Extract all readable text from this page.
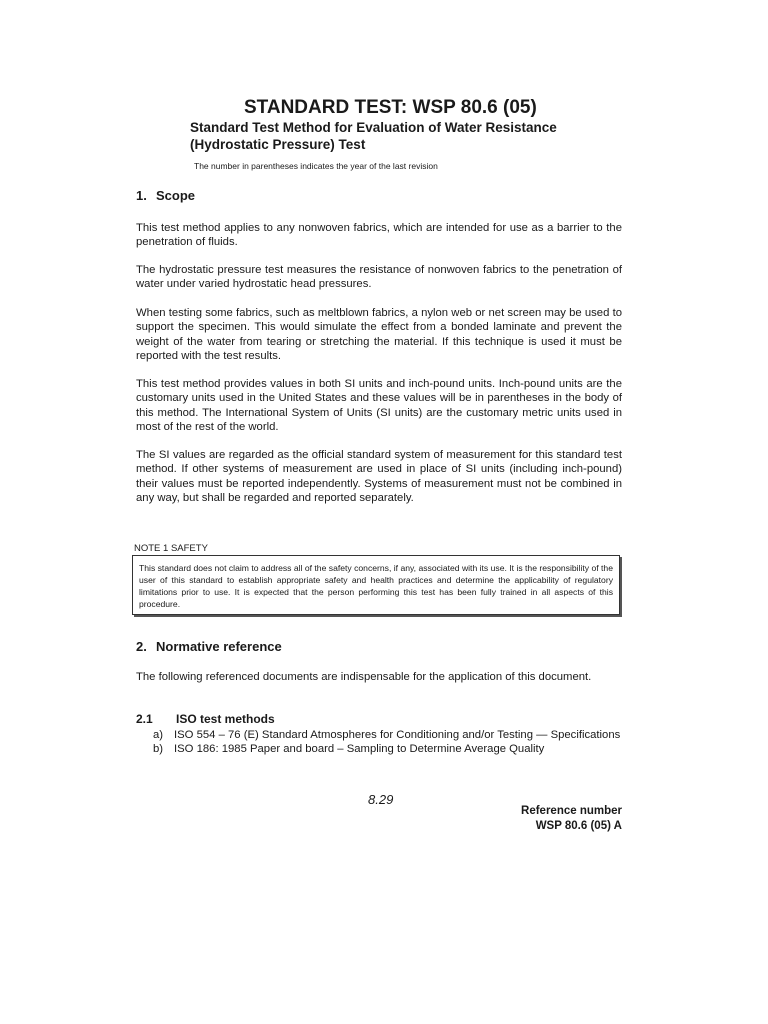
STANDARD TEST: WSP 80.6 (05)
Standard Test Method for Evaluation of Water Resistance
(Hydrostatic Pressure) Test
The number in parentheses indicates the year of the last revision
1. Scope

This test method applies to any nonwoven fabrics, which are intended for use as a barrier to the penetration of fluids.

The hydrostatic pressure test measures the resistance of nonwoven fabrics to the penetration of water under varied hydrostatic head pressures.

When testing some fabrics, such as meltblown fabrics, a nylon web or net screen may be used to support the specimen. This would simulate the effect from a bonded laminate and prevent the weight of the water from tearing or stretching the material. If this technique is used it must be reported with the test results.

This test method provides values in both SI units and inch-pound units. Inch-pound units are the customary units used in the United States and these values will be in parentheses in the body of this method. The International System of Units (SI units) are the customary metric units used in most of the rest of the world.

The SI values are regarded as the official standard system of measurement for this standard test method. If other systems of measurement are used in place of SI units (including inch-pound) their values must be reported independently. Systems of measurement must not be combined in any way, but shall be regarded and reported separately.

NOTE 1 SAFETY
This standard does not claim to address all of the safety concerns, if any, associated with its use. It is the responsibility of the user of this standard to establish appropriate safety and health practices and determine the applicability of regulatory limitations prior to use. It is expected that the person performing this test has been fully trained in all aspects of this procedure.
2. Normative reference

The following referenced documents are indispensable for the application of this document.

2.1 ISO test methods
a) ISO 554 – 76 (E) Standard Atmospheres for Conditioning and/or Testing — Specifications
b) ISO 186: 1985 Paper and board – Sampling to Determine Average Quality
8.29
Reference number
WSP 80.6 (05) A
